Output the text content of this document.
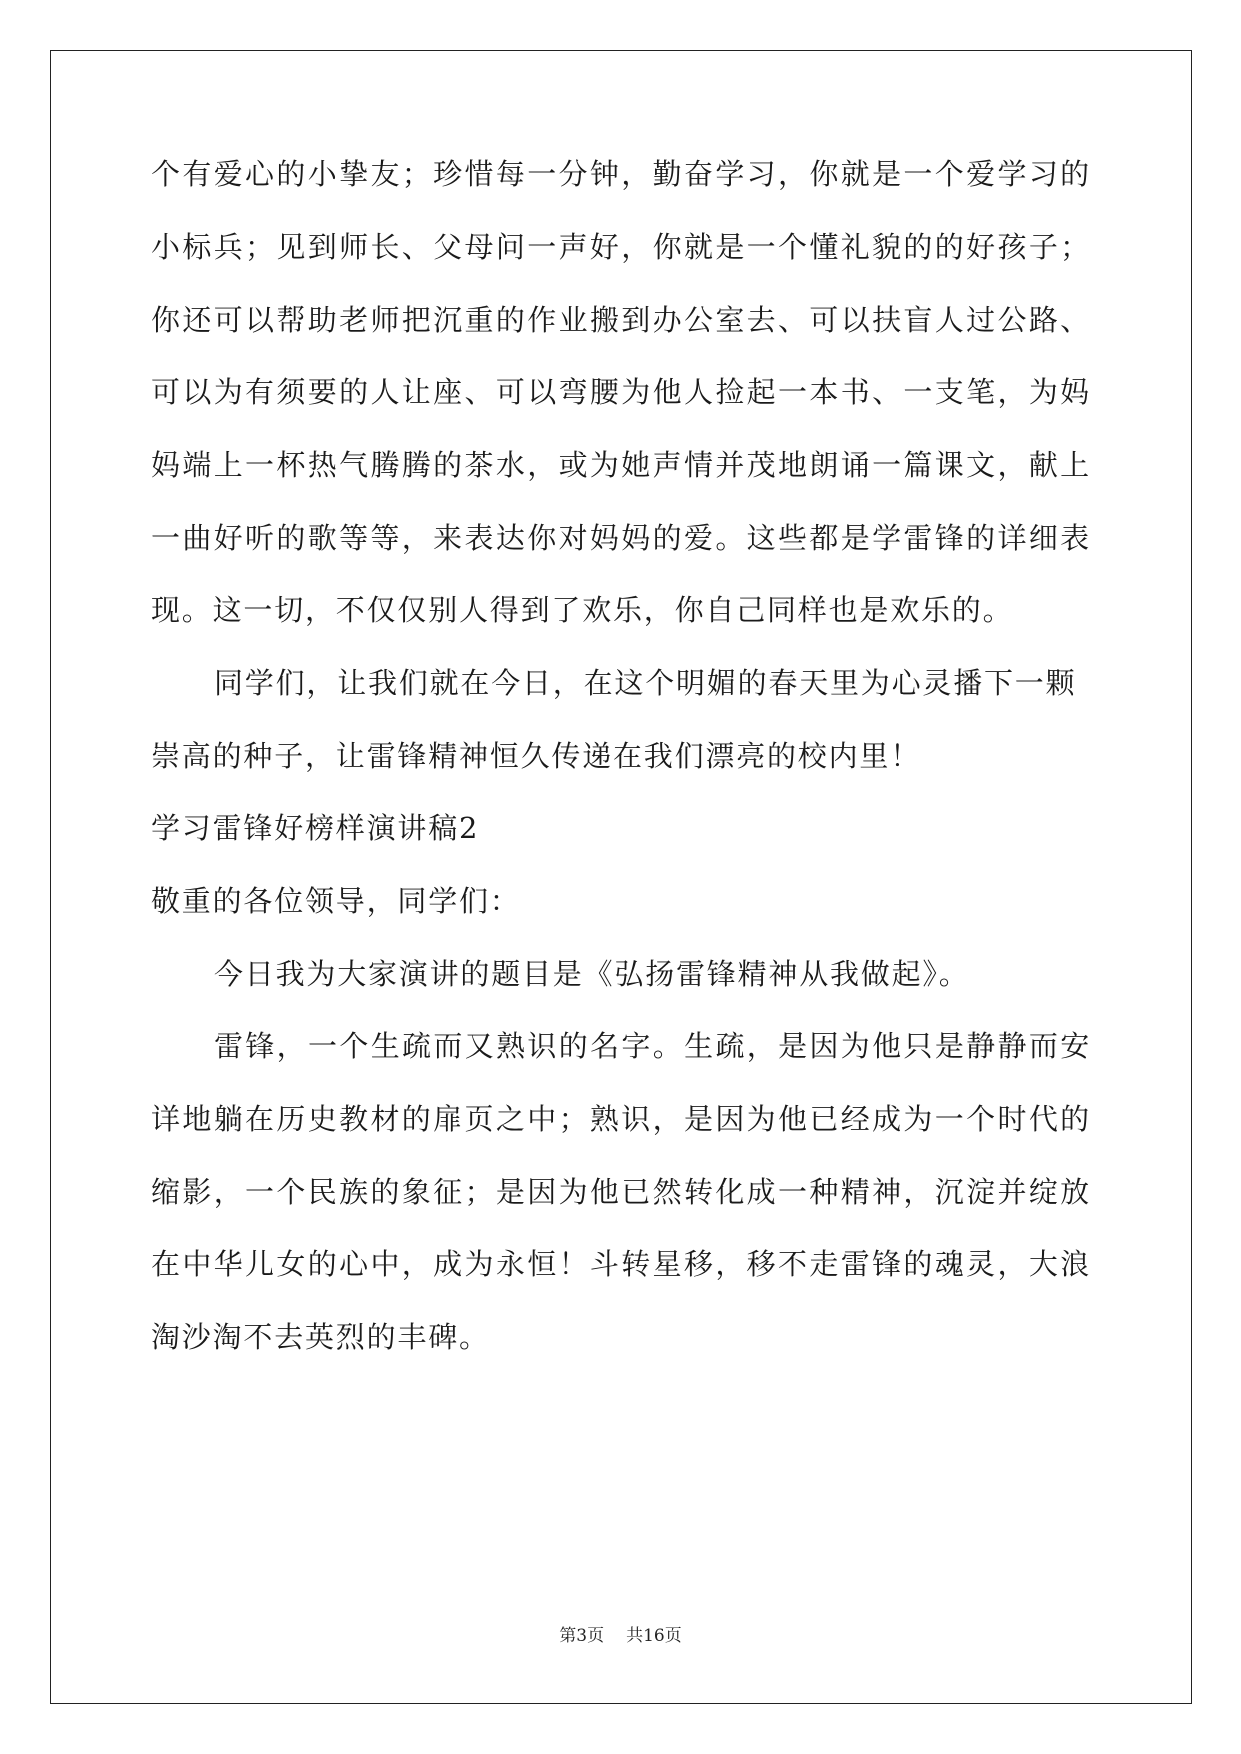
个有爱心的小挚友；珍惜每一分钟，勤奋学习，你就是一个爱学习的
小标兵；见到师长、父母问一声好，你就是一个懂礼貌的的好孩子；
你还可以帮助老师把沉重的作业搬到办公室去、可以扶盲人过公路、
可以为有须要的人让座、可以弯腰为他人捡起一本书、一支笔，为妈
妈端上一杯热气腾腾的茶水，或为她声情并茂地朗诵一篇课文，献上
一曲好听的歌等等，来表达你对妈妈的爱。这些都是学雷锋的详细表
现。这一切，不仅仅别人得到了欢乐，你自己同样也是欢乐的。
同学们，让我们就在今日，在这个明媚的春天里为心灵播下一颗
崇高的种子，让雷锋精神恒久传递在我们漂亮的校内里！
学习雷锋好榜样演讲稿2
敬重的各位领导，同学们：
今日我为大家演讲的题目是《弘扬雷锋精神从我做起》。
雷锋，一个生疏而又熟识的名字。生疏，是因为他只是静静而安
详地躺在历史教材的扉页之中；熟识，是因为他已经成为一个时代的
缩影，一个民族的象征；是因为他已然转化成一种精神，沉淀并绽放
在中华儿女的心中，成为永恒！斗转星移，移不走雷锋的魂灵，大浪
淘沙淘不去英烈的丰碑。
第3页 共16页
